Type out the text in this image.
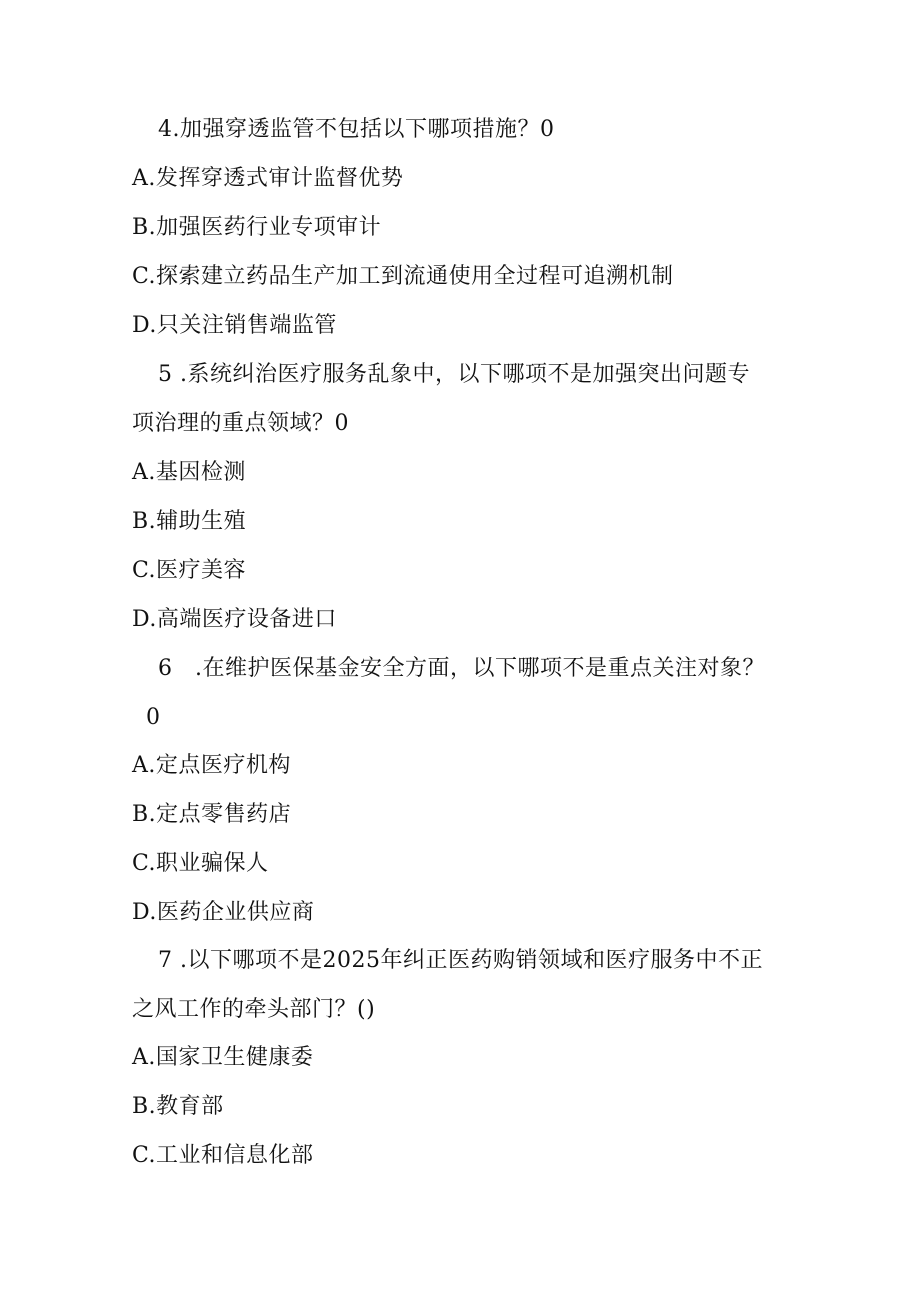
4.加强穿透监管不包括以下哪项措施？0
A.发挥穿透式审计监督优势
B.加强医药行业专项审计
C.探索建立药品生产加工到流通使用全过程可追溯机制
D.只关注销售端监管
5 .系统纠治医疗服务乱象中，以下哪项不是加强突出问题专
项治理的重点领域？0
A.基因检测
B.辅助生殖
C.医疗美容
D.高端医疗设备进口
6　.在维护医保基金安全方面，以下哪项不是重点关注对象？
0
A.定点医疗机构
B.定点零售药店
C.职业骗保人
D.医药企业供应商
7 .以下哪项不是2025年纠正医药购销领域和医疗服务中不正
之风工作的牵头部门？()
A.国家卫生健康委
B.教育部
C.工业和信息化部
